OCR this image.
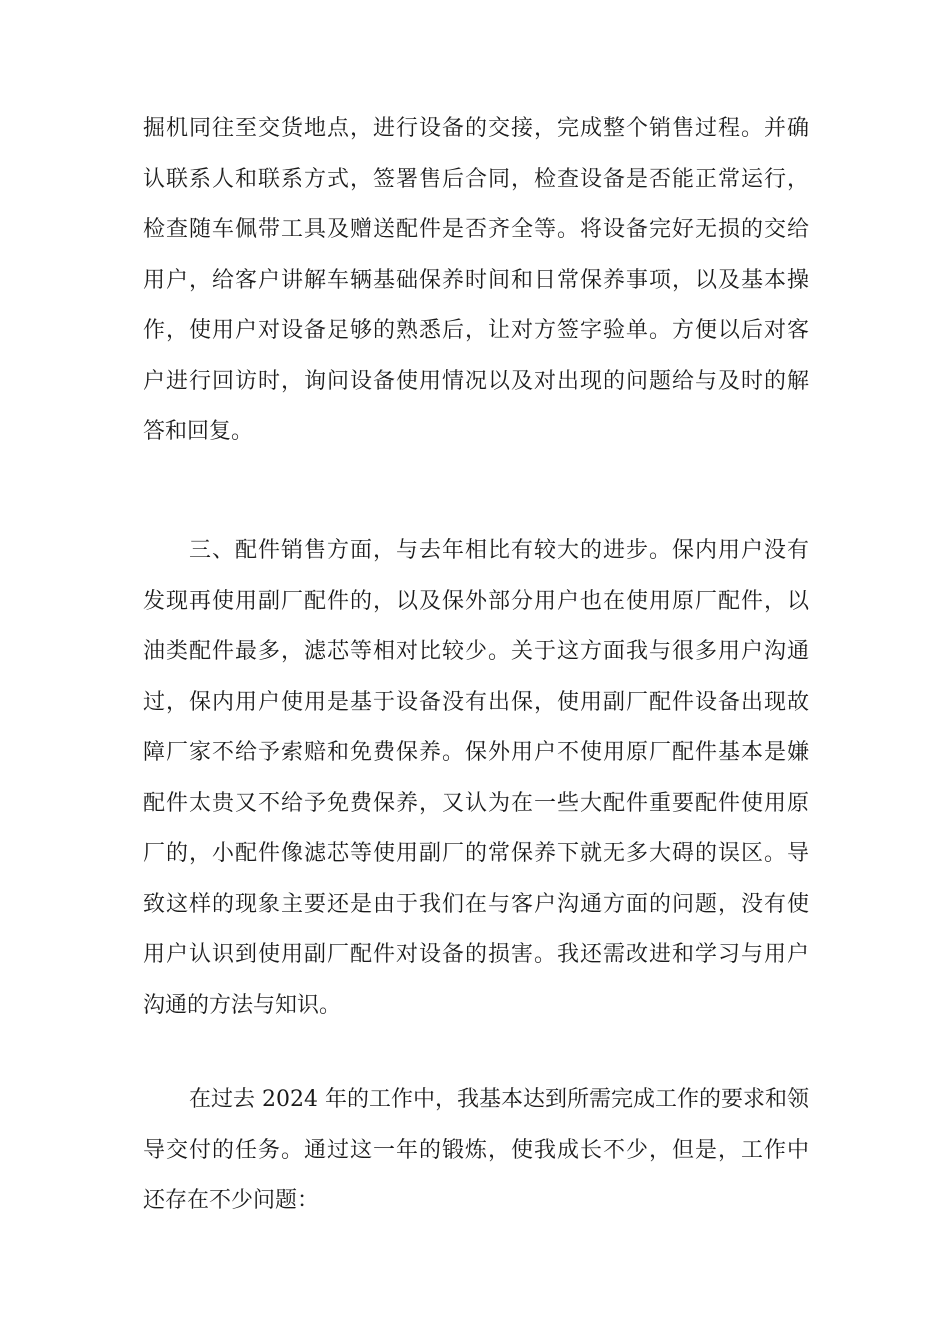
掘机同往至交货地点，进行设备的交接，完成整个销售过程。并确
认联系人和联系方式，签署售后合同，检查设备是否能正常运行，
检查随车佩带工具及赠送配件是否齐全等。将设备完好无损的交给
用户，给客户讲解车辆基础保养时间和日常保养事项，以及基本操
作，使用户对设备足够的熟悉后，让对方签字验单。方便以后对客
户进行回访时，询问设备使用情况以及对出现的问题给与及时的解
答和回复。
三、配件销售方面，与去年相比有较大的进步。保内用户没有
发现再使用副厂配件的，以及保外部分用户也在使用原厂配件，以
油类配件最多，滤芯等相对比较少。关于这方面我与很多用户沟通
过，保内用户使用是基于设备没有出保，使用副厂配件设备出现故
障厂家不给予索赔和免费保养。保外用户不使用原厂配件基本是嫌
配件太贵又不给予免费保养，又认为在一些大配件重要配件使用原
厂的，小配件像滤芯等使用副厂的常保养下就无多大碍的误区。导
致这样的现象主要还是由于我们在与客户沟通方面的问题，没有使
用户认识到使用副厂配件对设备的损害。我还需改进和学习与用户
沟通的方法与知识。
在过去 2024 年的工作中，我基本达到所需完成工作的要求和领
导交付的任务。通过这一年的锻炼，使我成长不少，但是，工作中
还存在不少问题：
